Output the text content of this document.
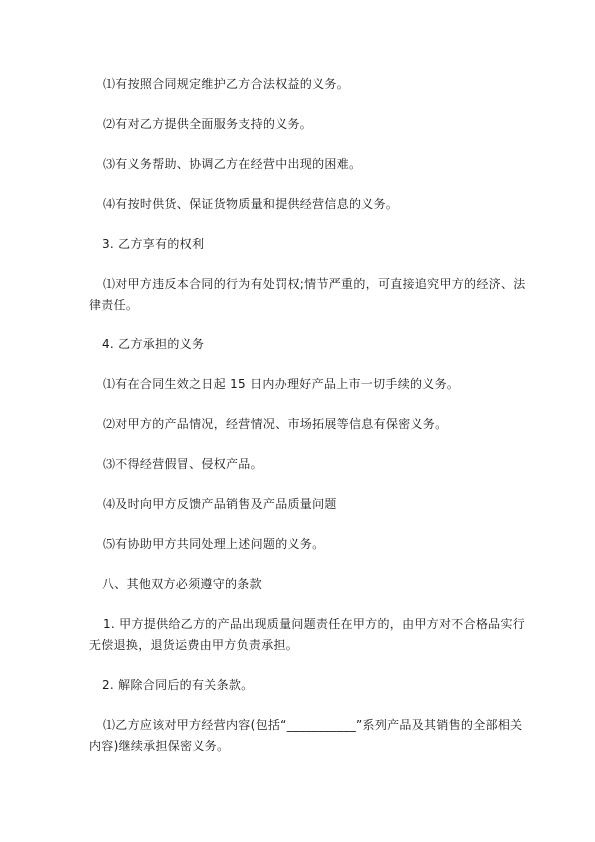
⑴有按照合同规定维护乙方合法权益的义务。

⑵有对乙方提供全面服务支持的义务。

⑶有义务帮助、协调乙方在经营中出现的困难。

⑷有按时供货、保证货物质量和提供经营信息的义务。

3. 乙方享有的权利

⑴对甲方违反本合同的行为有处罚权;情节严重的，可直接追究甲方的经济、法律责任。

4. 乙方承担的义务

⑴有在合同生效之日起 15 日内办理好产品上市一切手续的义务。

⑵对甲方的产品情况，经营情况、市场拓展等信息有保密义务。

⑶不得经营假冒、侵权产品。

⑷及时向甲方反馈产品销售及产品质量问题

⑸有协助甲方共同处理上述问题的义务。

八、其他双方必须遵守的条款

1. 甲方提供给乙方的产品出现质量问题责任在甲方的，由甲方对不合格品实行无偿退换，退货运费由甲方负责承担。

2. 解除合同后的有关条款。

⑴乙方应该对甲方经营内容(包括“___________”系列产品及其销售的全部相关内容)继续承担保密义务。
